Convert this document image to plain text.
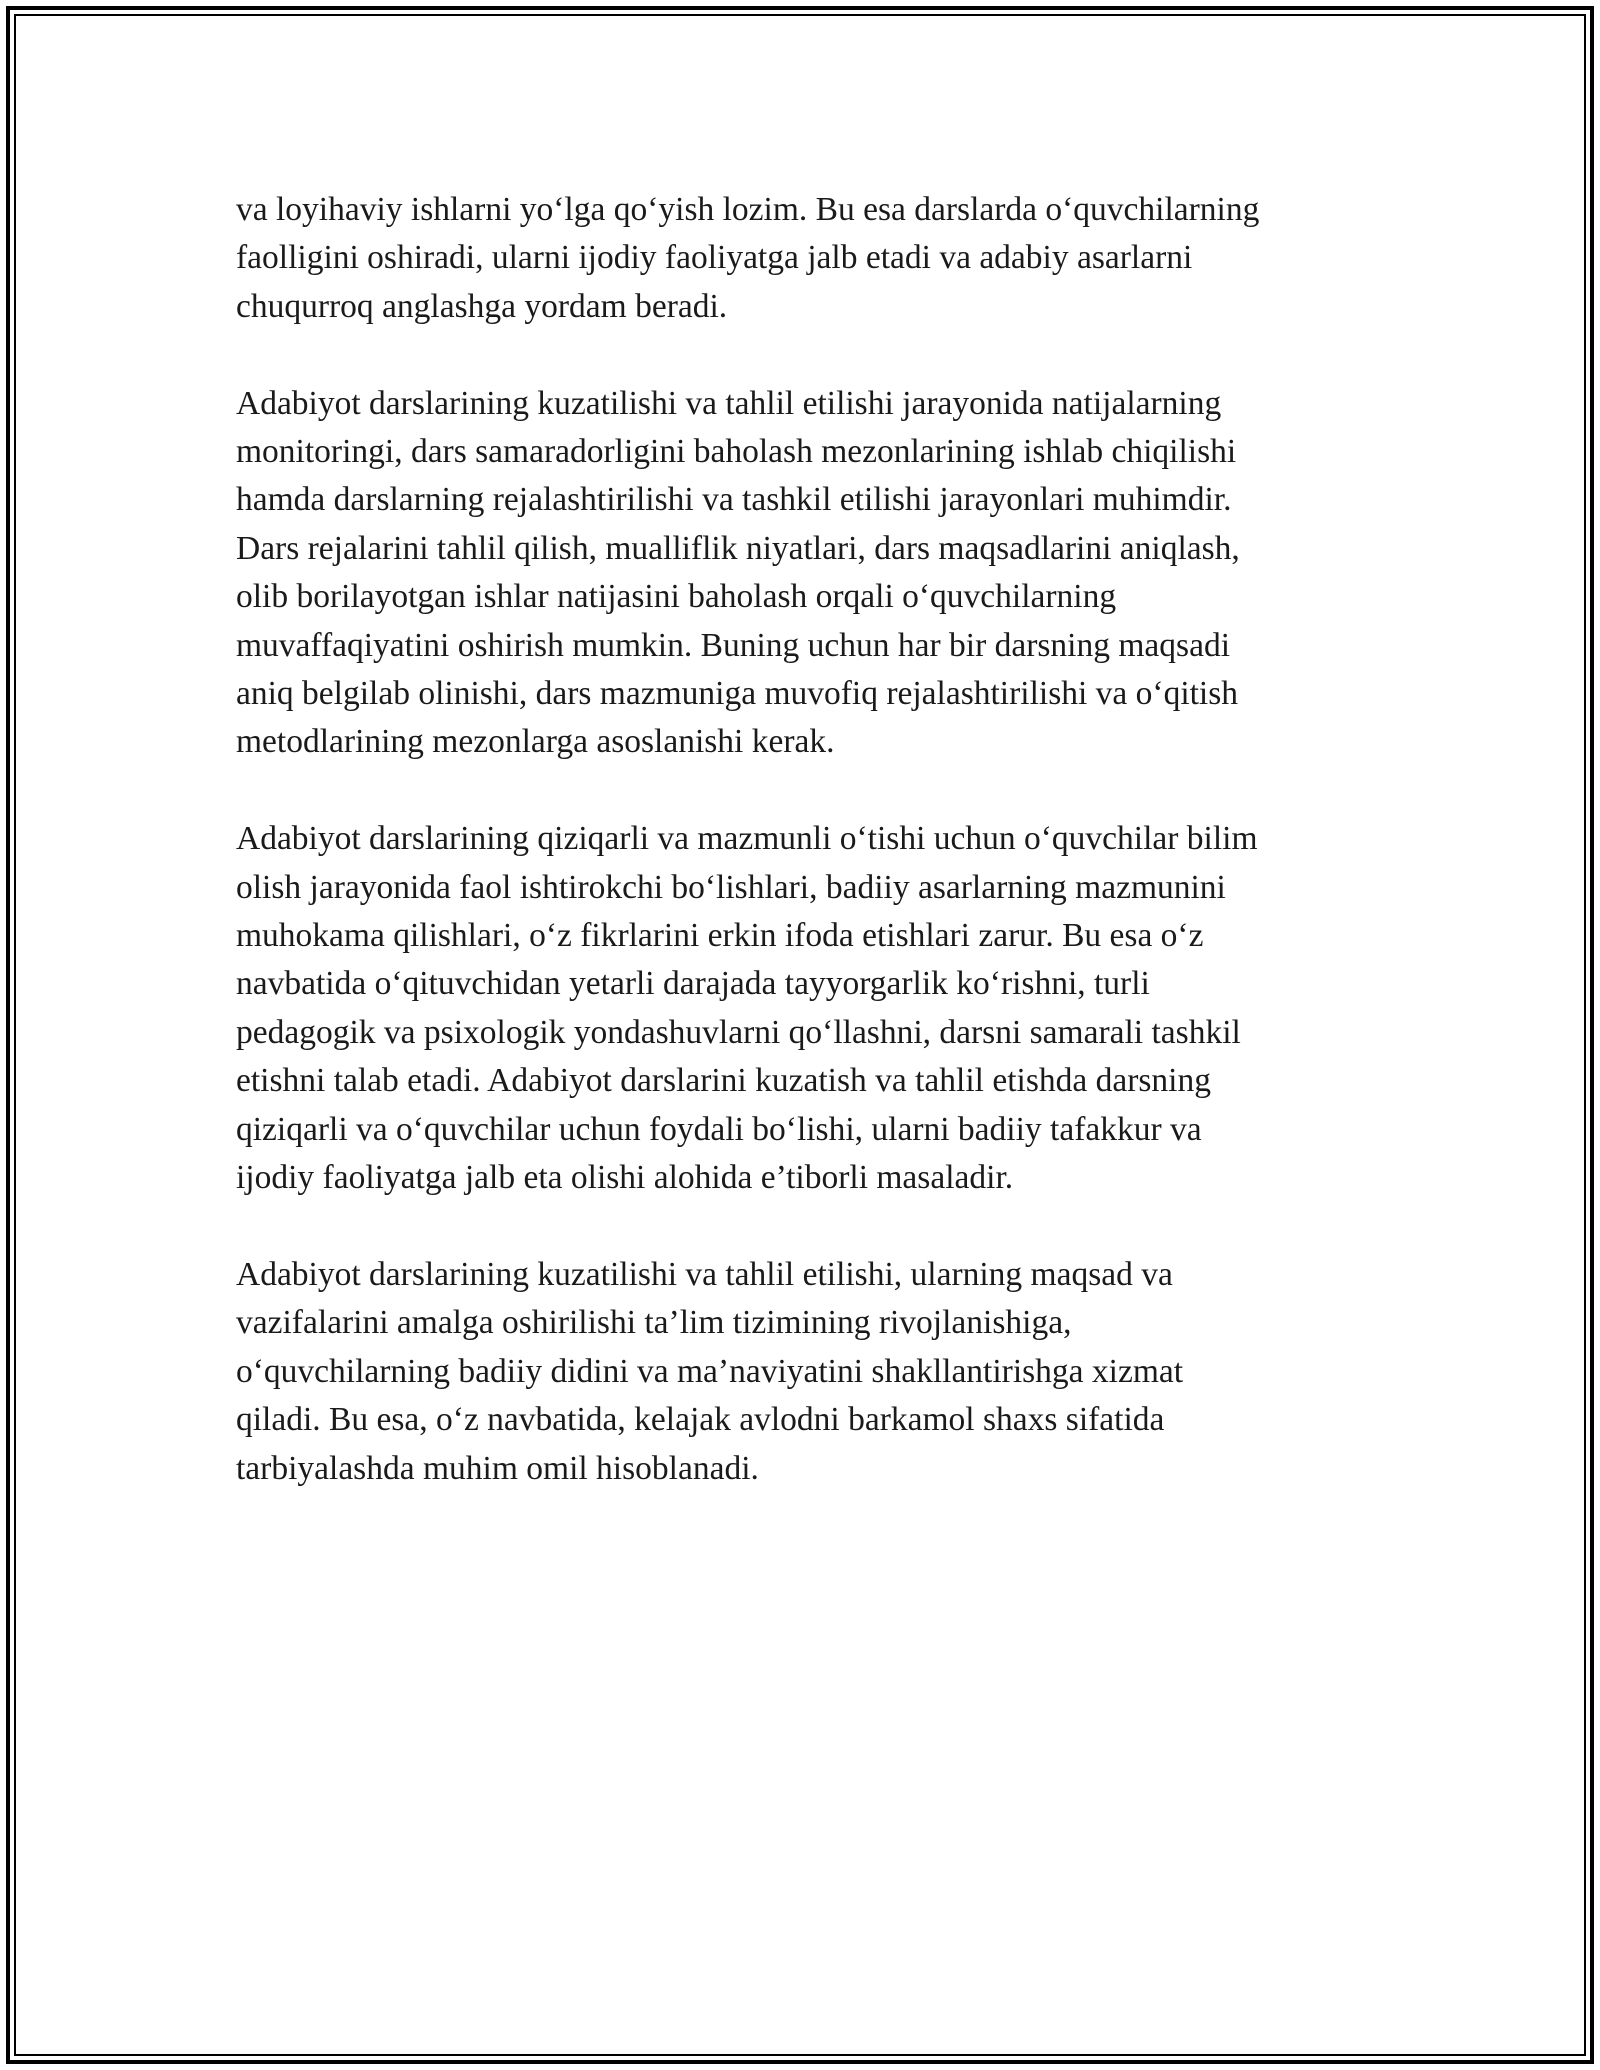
va loyihaviy ishlarni yo‘lga qo‘yish lozim. Bu esa darslarda o‘quvchilarning
faolligini oshiradi, ularni ijodiy faoliyatga jalb etadi va adabiy asarlarni
chuqurroq anglashga yordam beradi.

Adabiyot darslarining kuzatilishi va tahlil etilishi jarayonida natijalarning
monitoringi, dars samaradorligini baholash mezonlarining ishlab chiqilishi
hamda darslarning rejalashtirilishi va tashkil etilishi jarayonlari muhimdir.
Dars rejalarini tahlil qilish, mualliflik niyatlari, dars maqsadlarini aniqlash,
olib borilayotgan ishlar natijasini baholash orqali o‘quvchilarning
muvaffaqiyatini oshirish mumkin. Buning uchun har bir darsning maqsadi
aniq belgilab olinishi, dars mazmuniga muvofiq rejalashtirilishi va o‘qitish
metodlarining mezonlarga asoslanishi kerak.

Adabiyot darslarining qiziqarli va mazmunli o‘tishi uchun o‘quvchilar bilim
olish jarayonida faol ishtirokchi bo‘lishlari, badiiy asarlarning mazmunini
muhokama qilishlari, o‘z fikrlarini erkin ifoda etishlari zarur. Bu esa o‘z
navbatida o‘qituvchidan yetarli darajada tayyorgarlik ko‘rishni, turli
pedagogik va psixologik yondashuvlarni qo‘llashni, darsni samarali tashkil
etishni talab etadi. Adabiyot darslarini kuzatish va tahlil etishda darsning
qiziqarli va o‘quvchilar uchun foydali bo‘lishi, ularni badiiy tafakkur va
ijodiy faoliyatga jalb eta olishi alohida e’tiborli masaladir.

Adabiyot darslarining kuzatilishi va tahlil etilishi, ularning maqsad va
vazifalarini amalga oshirilishi ta’lim tizimining rivojlanishiga,
o‘quvchilarning badiiy didini va ma’naviyatini shakllantirishga xizmat
qiladi. Bu esa, o‘z navbatida, kelajak avlodni barkamol shaxs sifatida
tarbiyalashda muhim omil hisoblanadi.
